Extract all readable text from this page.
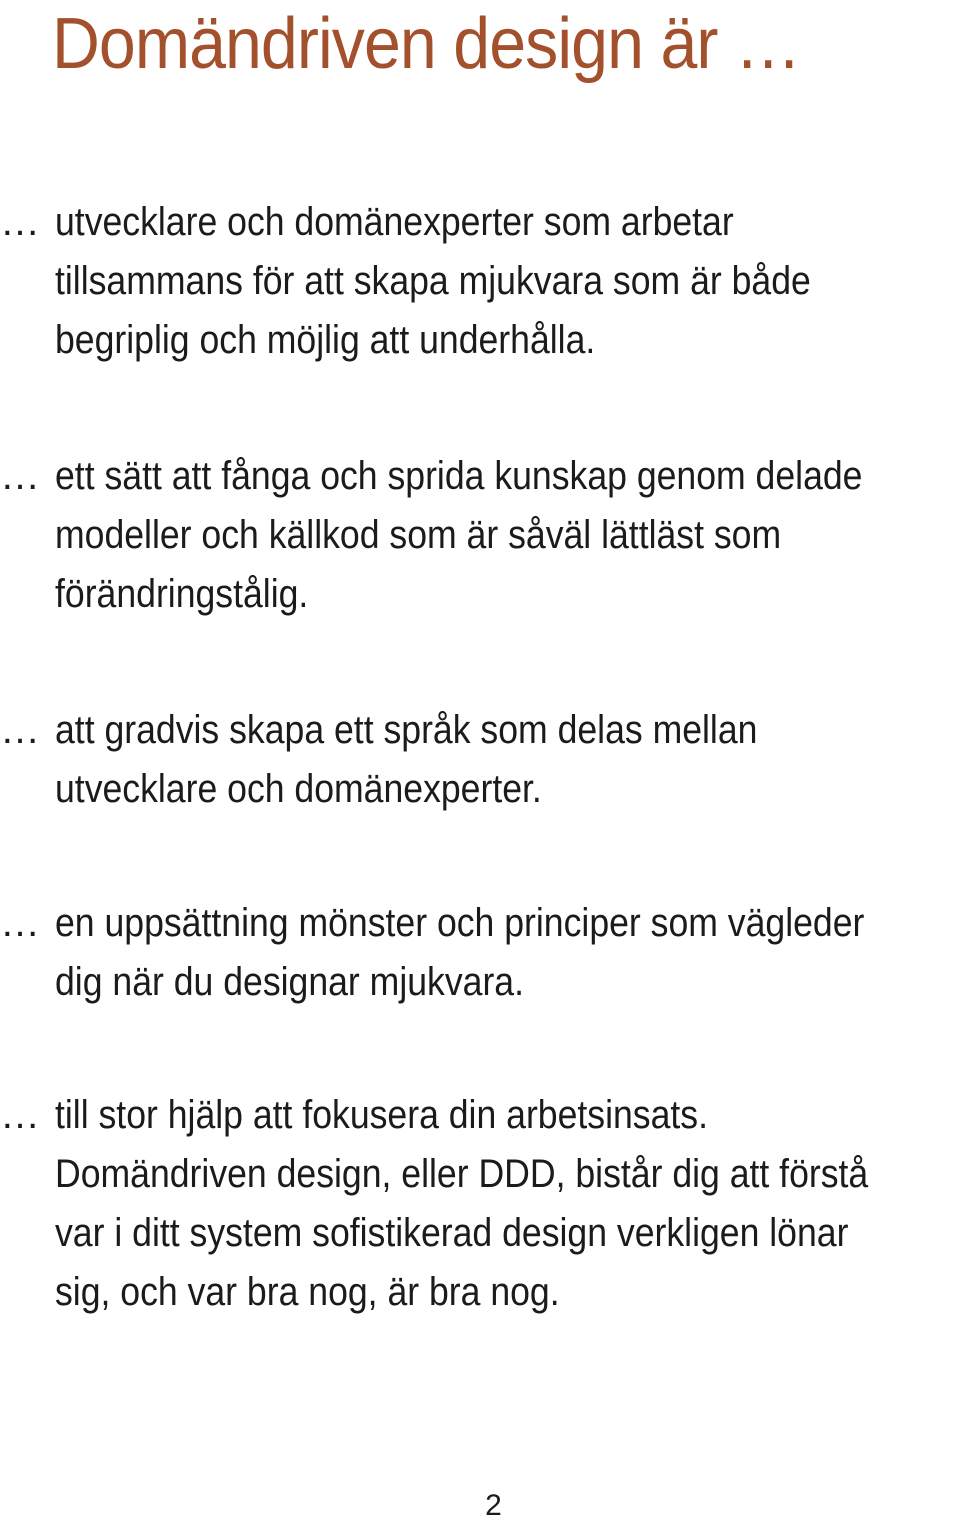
Domändriven design är …
… utvecklare och domänexperter som arbetar
tillsammans för att skapa mjukvara som är både
begriplig och möjlig att underhålla.

… ett sätt att fånga och sprida kunskap genom delade
modeller och källkod som är såväl lättläst som
förändringstålig.

… att gradvis skapa ett språk som delas mellan
utvecklare och domänexperter.

… en uppsättning mönster och principer som vägleder
dig när du designar mjukvara.

… till stor hjälp att fokusera din arbetsinsats.
Domändriven design, eller DDD, bistår dig att förstå
var i ditt system sofistikerad design verkligen lönar
sig, och var bra nog, är bra nog.

2
